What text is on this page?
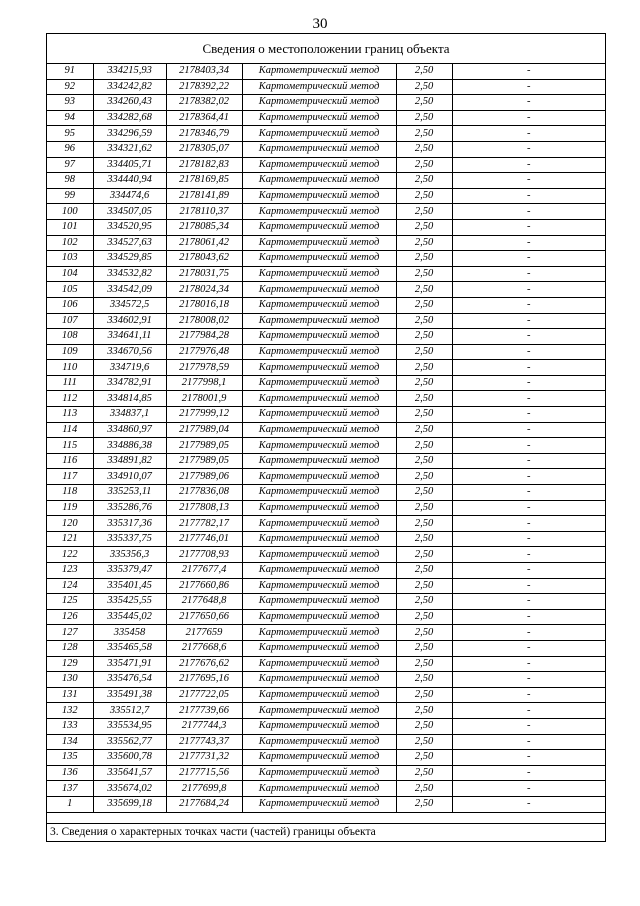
30
Сведения о местоположении границ объекта
91	334215,93	2178403,34	Картометрический метод	2,50	-
92	334242,82	2178392,22	Картометрический метод	2,50	-
93	334260,43	2178382,02	Картометрический метод	2,50	-
94	334282,68	2178364,41	Картометрический метод	2,50	-
95	334296,59	2178346,79	Картометрический метод	2,50	-
96	334321,62	2178305,07	Картометрический метод	2,50	-
97	334405,71	2178182,83	Картометрический метод	2,50	-
98	334440,94	2178169,85	Картометрический метод	2,50	-
99	334474,6	2178141,89	Картометрический метод	2,50	-
100	334507,05	2178110,37	Картометрический метод	2,50	-
101	334520,95	2178085,34	Картометрический метод	2,50	-
102	334527,63	2178061,42	Картометрический метод	2,50	-
103	334529,85	2178043,62	Картометрический метод	2,50	-
104	334532,82	2178031,75	Картометрический метод	2,50	-
105	334542,09	2178024,34	Картометрический метод	2,50	-
106	334572,5	2178016,18	Картометрический метод	2,50	-
107	334602,91	2178008,02	Картометрический метод	2,50	-
108	334641,11	2177984,28	Картометрический метод	2,50	-
109	334670,56	2177976,48	Картометрический метод	2,50	-
110	334719,6	2177978,59	Картометрический метод	2,50	-
111	334782,91	2177998,1	Картометрический метод	2,50	-
112	334814,85	2178001,9	Картометрический метод	2,50	-
113	334837,1	2177999,12	Картометрический метод	2,50	-
114	334860,97	2177989,04	Картометрический метод	2,50	-
115	334886,38	2177989,05	Картометрический метод	2,50	-
116	334891,82	2177989,05	Картометрический метод	2,50	-
117	334910,07	2177989,06	Картометрический метод	2,50	-
118	335253,11	2177836,08	Картометрический метод	2,50	-
119	335286,76	2177808,13	Картометрический метод	2,50	-
120	335317,36	2177782,17	Картометрический метод	2,50	-
121	335337,75	2177746,01	Картометрический метод	2,50	-
122	335356,3	2177708,93	Картометрический метод	2,50	-
123	335379,47	2177677,4	Картометрический метод	2,50	-
124	335401,45	2177660,86	Картометрический метод	2,50	-
125	335425,55	2177648,8	Картометрический метод	2,50	-
126	335445,02	2177650,66	Картометрический метод	2,50	-
127	335458	2177659	Картометрический метод	2,50	-
128	335465,58	2177668,6	Картометрический метод	2,50	-
129	335471,91	2177676,62	Картометрический метод	2,50	-
130	335476,54	2177695,16	Картометрический метод	2,50	-
131	335491,38	2177722,05	Картометрический метод	2,50	-
132	335512,7	2177739,66	Картометрический метод	2,50	-
133	335534,95	2177744,3	Картометрический метод	2,50	-
134	335562,77	2177743,37	Картометрический метод	2,50	-
135	335600,78	2177731,32	Картометрический метод	2,50	-
136	335641,57	2177715,56	Картометрический метод	2,50	-
137	335674,02	2177699,8	Картометрический метод	2,50	-
1	335699,18	2177684,24	Картометрический метод	2,50	-
3. Сведения о характерных точках части (частей) границы объекта
